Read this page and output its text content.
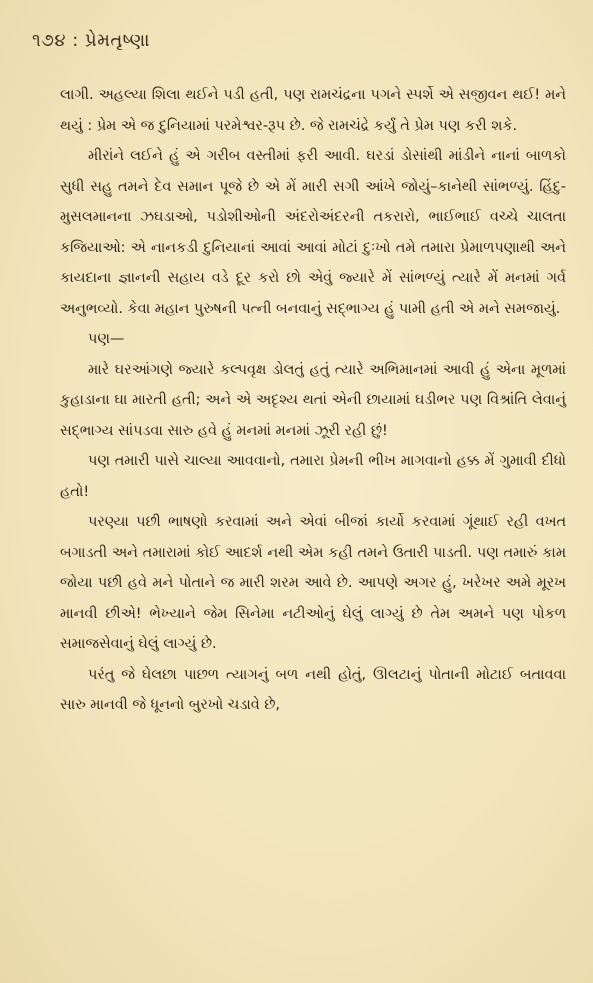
૧૭૪ : પ્રેમતૃષ્ણા

લાગી. અહલ્યા શિલા થઈને પડી હતી, પણ રામચંદ્રના પગને સ્પર્શે એ સજીવન થઈ! મને થયું : પ્રેમ એ જ દુનિયામાં પરમેશ્વર-રૂપ છે. જે રામચંદ્રે કર્યું તે પ્રેમ પણ કરી શકે.

મીરાંને લઈને હું એ ગરીબ વસ્તીમાં ફરી આવી. ઘરડાં ડોસાંથી માંડીને નાનાં બાળકો સુધી સહુ તમને દેવ સમાન પૂજે છે એ મેં મારી સગી આંખે જોયું–કાનેથી સાંભળ્યું. હિંદુ-મુસલમાનના ઝઘડાઓ, પડોશીઓની અંદરોઅંદરની તકરારો, ભાઈભાઈ વચ્ચે ચાલતા કજિયાઓ: એ નાનકડી દુનિયાનાં આવાં આવાં મોટાં દુઃખો તમે તમારા પ્રેમાળપણાથી અને કાયદાના જ્ઞાનની સહાય વડે દૂર કરો છો એવું જ્યારે મેં સાંભળ્યું ત્યારે મેં મનમાં ગર્વ અનુભવ્યો. કેવા મહાન પુરુષની પત્ની બનવાનું સદ્ભાગ્ય હું પામી હતી એ મને સમજાયું.

પણ—

મારે ઘરઆંગણે જ્યારે કલ્પવૃક્ષ ડોલતું હતું ત્યારે અભિમાનમાં આવી હું એના મૂળમાં કુહાડાના ઘા મારતી હતી; અને એ અદૃશ્ય થતાં એની છાયામાં ઘડીભર પણ વિશ્રાંતિ લેવાનું સદ્ભાગ્ય સાંપડવા સારુ હવે હું મનમાં મનમાં ઝૂરી રહી છું!

પણ તમારી પાસે ચાલ્યા આવવાનો, તમારા પ્રેમની ભીખ માગવાનો હક્ક મેં ગુમાવી દીધો હતો!

પરણ્યા પછી ભાષણો કરવામાં અને એવાં બીજાં કાર્યો કરવામાં ગૂંથાઈ રહી વખત બગાડતી અને તમારામાં કોઈ આદર્શ નથી એમ કહી તમને ઉતારી પાડતી. પણ તમારું કામ જોયા પછી હવે મને પોતાને જ મારી શરમ આવે છે. આપણે અગર હું, ખરેખર અમે મૂરખ માનવી છીએ! ભેખ્યાને જેમ સિનેમા નટીઓનું ઘેલું લાગ્યું છે તેમ અમને પણ પોકળ સમાજસેવાનું ઘેલું લાગ્યું છે.

પરંતુ જે ઘેલછા પાછળ ત્યાગનું બળ નથી હોતું, ઊલટાનું પોતાની મોટાઈ બતાવવા સારુ માનવી જે ધૂનનો બુરખો ચડાવે છે,
